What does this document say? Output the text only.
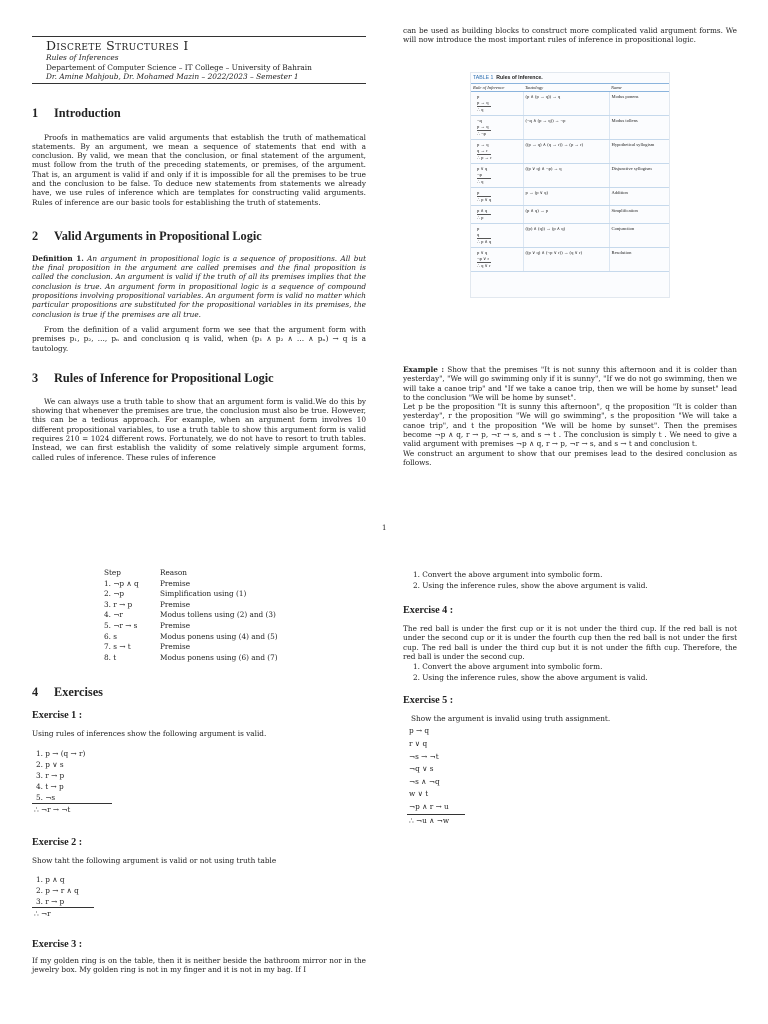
Discrete Structures I
Rules of Inferences
Departement of Computer Science – IT College – University of Bahrain
Dr. Amine Mahjoub, Dr. Mohamed Mazin – 2022/2023 – Semester 1
1 Introduction

Proofs in mathematics are valid arguments that establish the truth of mathematical statements. By an argument, we mean a sequence of statements that end with a conclusion. By valid, we mean that the conclusion, or final statement of the argument, must follow from the truth of the preceding statements, or premises, of the argument. That is, an argument is valid if and only if it is impossible for all the premises to be true and the conclusion to be false. To deduce new statements from statements we already have, we use rules of inference which are templates for constructing valid arguments. Rules of inference are our basic tools for establishing the truth of statements.

2 Valid Arguments in Propositional Logic

Definition 1. An argument in propositional logic is a sequence of propositions. All but the final proposition in the argument are called premises and the final proposition is called the conclusion. An argument is valid if the truth of all its premises implies that the conclusion is true. An argument form in propositional logic is a sequence of compound propositions involving propositional variables. An argument form is valid no matter which particular propositions are substituted for the propositional variables in its premises, the conclusion is true if the premises are all true.

From the definition of a valid argument form we see that the argument form with premises p₁, p₂, …, pₙ and conclusion q is valid, when (p₁ ∧ p₂ ∧ … ∧ pₙ) → q is a tautology.

3 Rules of Inference for Propositional Logic

We can always use a truth table to show that an argument form is valid.We do this by showing that whenever the premises are true, the conclusion must also be true. However, this can be a tedious approach. For example, when an argument form involves 10 different propositional variables, to use a truth table to show this argument form is valid requires 210 = 1024 different rows. Fortunately, we do not have to resort to truth tables. Instead, we can first establish the validity of some relatively simple argument forms, called rules of inference. These rules of inference

can be used as building blocks to construct more complicated valid argument forms. We will now introduce the most important rules of inference in propositional logic.

TABLE 1 Rules of Inference.
Rule of Inference	Tautology	Name

p
p → q
∴ q	(p ∧ (p → q)) → q	Modus ponens

¬q
p → q
∴ ¬p	(¬q ∧ (p → q)) → ¬p	Modus tollens

p → q
q → r
∴ p → r	((p → q) ∧ (q → r)) → (p → r)	Hypothetical syllogism

p ∨ q
¬p
∴ q	((p ∨ q) ∧ ¬p) → q	Disjunctive syllogism

p
∴ p ∨ q	p → (p ∨ q)	Addition

p ∧ q
∴ p	(p ∧ q) → p	Simplification

p
q
∴ p ∧ q	((p) ∧ (q)) → (p ∧ q)	Conjunction

p ∨ q
¬p ∨ r
∴ q ∨ r	((p ∨ q) ∧ (¬p ∨ r)) → (q ∨ r)	Resolution

Example : Show that the premises "It is not sunny this afternoon and it is colder than yesterday", "We will go swimming only if it is sunny", "If we do not go swimming, then we will take a canoe trip" and "If we take a canoe trip, then we will be home by sunset" lead to the conclusion "We will be home by sunset".

Let p be the proposition "It is sunny this afternoon", q the proposition "It is colder than yesterday", r the proposition "We will go swimming", s the proposition "We will take a canoe trip", and t the proposition "We will be home by sunset". Then the premises become ¬p ∧ q, r → p, ¬r → s, and s → t . The conclusion is simply t . We need to give a valid argument with premises ¬p ∧ q, r → p, ¬r → s, and s → t and conclusion t.

We construct an argument to show that our premises lead to the desired conclusion as follows.

1
Step	Reason
1. ¬p ∧ q	Premise
2. ¬p	Simplification using (1)
3. r → p	Premise
4. ¬r	Modus tollens using (2) and (3)
5. ¬r → s	Premise
6. s	Modus ponens using (4) and (5)
7. s → t	Premise
8. t	Modus ponens using (6) and (7)
4 Exercises
Exercise 1 :

Using rules of inferences show the following argument is valid.

1. p → (q → r)
2. p ∨ s
3. r → p
4. t → p
5. ¬s
∴ ¬r → ¬t
Exercise 2 :

Show taht the following argument is valid or not using truth table

1. p ∧ q
2. p → r ∧ q
3. r → p
∴ ¬r
Exercise 3 :

If my golden ring is on the table, then it is neither beside the bathroom mirror nor in the jewelry box. My golden ring is not in my finger and it is not in my bag. If I

1. Convert the above argument into symbolic form.
2. Using the inference rules, show the above argument is valid.
Exercise 4 :

The red ball is under the first cup or it is not under the third cup. If the red ball is not under the second cup or it is under the fourth cup then the red ball is not under the first cup. The red ball is under the third cup but it is not under the fifth cup. Therefore, the red ball is under the second cup.

1. Convert the above argument into symbolic form.
2. Using the inference rules, show the above argument is valid.
Exercise 5 :

Show the argument is invalid using truth assignment.

p → q
r ∨ q
¬s → ¬t
¬q ∨ s
¬s ∧ ¬q
w ∨ t
¬p ∧ r → u
∴ ¬u ∧ ¬w
